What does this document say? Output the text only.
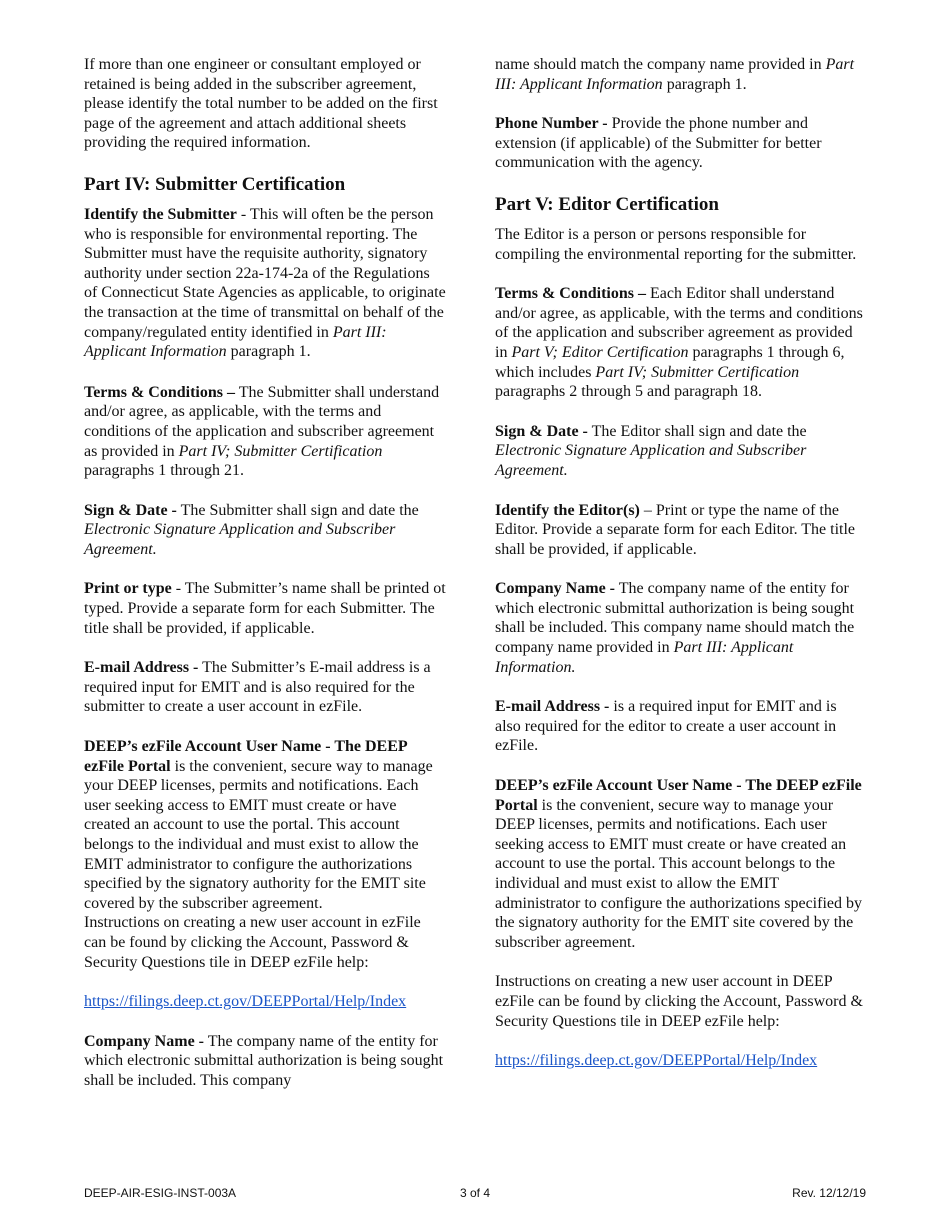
If more than one engineer or consultant employed or retained is being added in the subscriber agreement, please identify the total number to be added on the first page of the agreement and attach additional sheets providing the required information.

Part IV: Submitter Certification

Identify the Submitter - This will often be the person who is responsible for environmental reporting. The Submitter must have the requisite authority, signatory authority under section 22a-174-2a of the Regulations of Connecticut State Agencies as applicable, to originate the transaction at the time of transmittal on behalf of the company/regulated entity identified in Part III: Applicant Information paragraph 1.

Terms & Conditions – The Submitter shall understand and/or agree, as applicable, with the terms and conditions of the application and subscriber agreement as provided in Part IV; Submitter Certification paragraphs 1 through 21.

Sign & Date - The Submitter shall sign and date the Electronic Signature Application and Subscriber Agreement.

Print or type - The Submitter’s name shall be printed ot typed. Provide a separate form for each Submitter. The title shall be provided, if applicable.

E-mail Address - The Submitter’s E-mail address is a required input for EMIT and is also required for the submitter to create a user account in ezFile.

DEEP’s ezFile Account User Name - The DEEP ezFile Portal is the convenient, secure way to manage your DEEP licenses, permits and notifications. Each user seeking access to EMIT must create or have created an account to use the portal. This account belongs to the individual and must exist to allow the EMIT administrator to configure the authorizations specified by the signatory authority for the EMIT site covered by the subscriber agreement.

Instructions on creating a new user account in ezFile can be found by clicking the Account, Password & Security Questions tile in DEEP ezFile help:

https://filings.deep.ct.gov/DEEPPortal/Help/Index

Company Name - The company name of the entity for which electronic submittal authorization is being sought shall be included. This company

name should match the company name provided in Part III: Applicant Information paragraph 1.

Phone Number - Provide the phone number and extension (if applicable) of the Submitter for better communication with the agency.

Part V: Editor Certification

The Editor is a person or persons responsible for compiling the environmental reporting for the submitter.

Terms & Conditions – Each Editor shall understand and/or agree, as applicable, with the terms and conditions of the application and subscriber agreement as provided in Part V; Editor Certification paragraphs 1 through 6, which includes Part IV; Submitter Certification paragraphs 2 through 5 and paragraph 18.

Sign & Date - The Editor shall sign and date the Electronic Signature Application and Subscriber Agreement.

Identify the Editor(s) – Print or type the name of the Editor. Provide a separate form for each Editor. The title shall be provided, if applicable.

Company Name - The company name of the entity for which electronic submittal authorization is being sought shall be included. This company name should match the company name provided in Part III: Applicant Information.

E-mail Address - is a required input for EMIT and is also required for the editor to create a user account in ezFile.

DEEP’s ezFile Account User Name - The DEEP ezFile Portal is the convenient, secure way to manage your DEEP licenses, permits and notifications. Each user seeking access to EMIT must create or have created an account to use the portal. This account belongs to the individual and must exist to allow the EMIT administrator to configure the authorizations specified by the signatory authority for the EMIT site covered by the subscriber agreement.

Instructions on creating a new user account in DEEP ezFile can be found by clicking the Account, Password & Security Questions tile in DEEP ezFile help:

https://filings.deep.ct.gov/DEEPPortal/Help/Index

DEEP-AIR-ESIG-INST-003A	3 of 4	Rev. 12/12/19
